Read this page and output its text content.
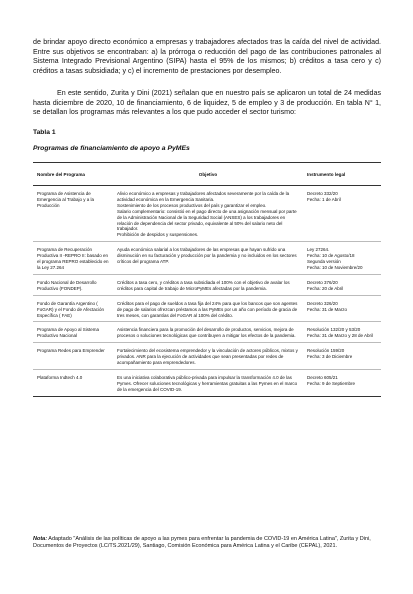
de brindar apoyo directo económico a empresas y trabajadores afectados tras la caída del nivel de actividad. Entre sus objetivos se encontraban: a) la prórroga o reducción del pago de las contribuciones patronales al Sistema Integrado Previsional Argentino (SIPA) hasta el 95% de los mismos; b) créditos a tasa cero y c) créditos a tasas subsidiada; y c) el incremento de prestaciones por desempleo.

En este sentido, Zurita y Dini (2021) señalan que en nuestro país se aplicaron un total de 24 medidas hasta diciembre de 2020, 10 de financiamiento, 6 de liquidez, 5 de empleo y 3 de producción. En tabla N° 1, se detallan los programas más relevantes a los que pudo acceder el sector turismo:

Tabla 1
Programas de financiamiento de apoyo a PyMEs
Nombre del Programa	Objetivo	Instrumento legal
Programa de Asistencia de Emergencia al Trabajo y a la Producción	Alivio económico a empresas y trabajadores afectados severamente por la caída de la actividad económica en la Emergencia Sanitaria.
Sostenimiento de los procesos productivos del país y garantizar el empleo.
Salario complementario: consistió en el pago directo de una asignación mensual por parte de la Administración Nacional de la Seguridad Social (ANSES) a los trabajadores en relación de dependencia del sector privado, equivalente al 50% del salario neto del trabajador.
Prohibición de despidos y suspensiones.	Decreto 332/20
Fecha: 1 de Abril

Programa de Recuperación Productiva II -REPRO II: basado en el programa REPRO establecido en la Ley 27.264	Ayuda económica salarial a los trabajadores de las empresas que hayan sufrido una disminución en su facturación y producción por la pandemia y no incluidos en los sectores críticos del programa ATP.	Ley 27264.
Fecha: 10 de Agosto/18
Segunda versión
Fecha: 10 de Noviembre/20

Fondo Nacional de Desarrollo Productivo (FONDEP).	Créditos a tasa cero, y créditos a tasa subsidiada el 100% con el objetivo de avalar los créditos para capital de trabajo de MicroPyMEs afectadas por la pandemia.	Decreto 376/20
Fecha: 20 de Abril

Fondo de Garantía Argentino ( FoGAR) y el Fondo de Afectación Específica ( FAE)	Créditos para el pago de sueldos a tasa fija del 24% para que los bancos que son agentes de pago de salarios ofrezcan préstamos a las PyMEs por un año con período de gracia de tres meses, con garantías del FoGAR al 100% del crédito.	Decreto 326/20
Fecha: 31 de Marzo

Programa de Apoyo al Sistema Productivo Nacional	Asistencia financiera para la promoción del desarrollo de productos, servicios, mejora de procesos o soluciones tecnológicas que contribuyen a mitigar los efectos de la pandemia.	Resolución 132/20 y 53/20
Fecha: 31 de Marzo y 28 de Abril

Programa Redes para Emprender	Fortalecimiento del ecosistema emprendedor y la vinculación de actores públicos, mixtos y privados. ANR para la ejecución de actividades que sean presentadas por redes de acompañamiento para emprendedores.	Resolución 159/20
Fecha: 3 de Diciembre

Plataforma Indtech 4.0	Es una iniciativa colaborativa público-privada para impulsar la transformación 4.0 de las Pymes. Ofrecer soluciones tecnológicas y herramientas gratuitas a las Pymes en el marco de la emergencia del COVID-19.	Decreto 605/21
Fecha: 9 de Septiembre

Nota: Adaptado "Análisis de las políticas de apoyo a las pymes para enfrentar la pandemia de COVID-19 en América Latina", Zurita y Dini, Documentos de Proyectos (LC/TS.2021/29), Santiago, Comisión Económica para América Latina y el Caribe (CEPAL), 2021.
